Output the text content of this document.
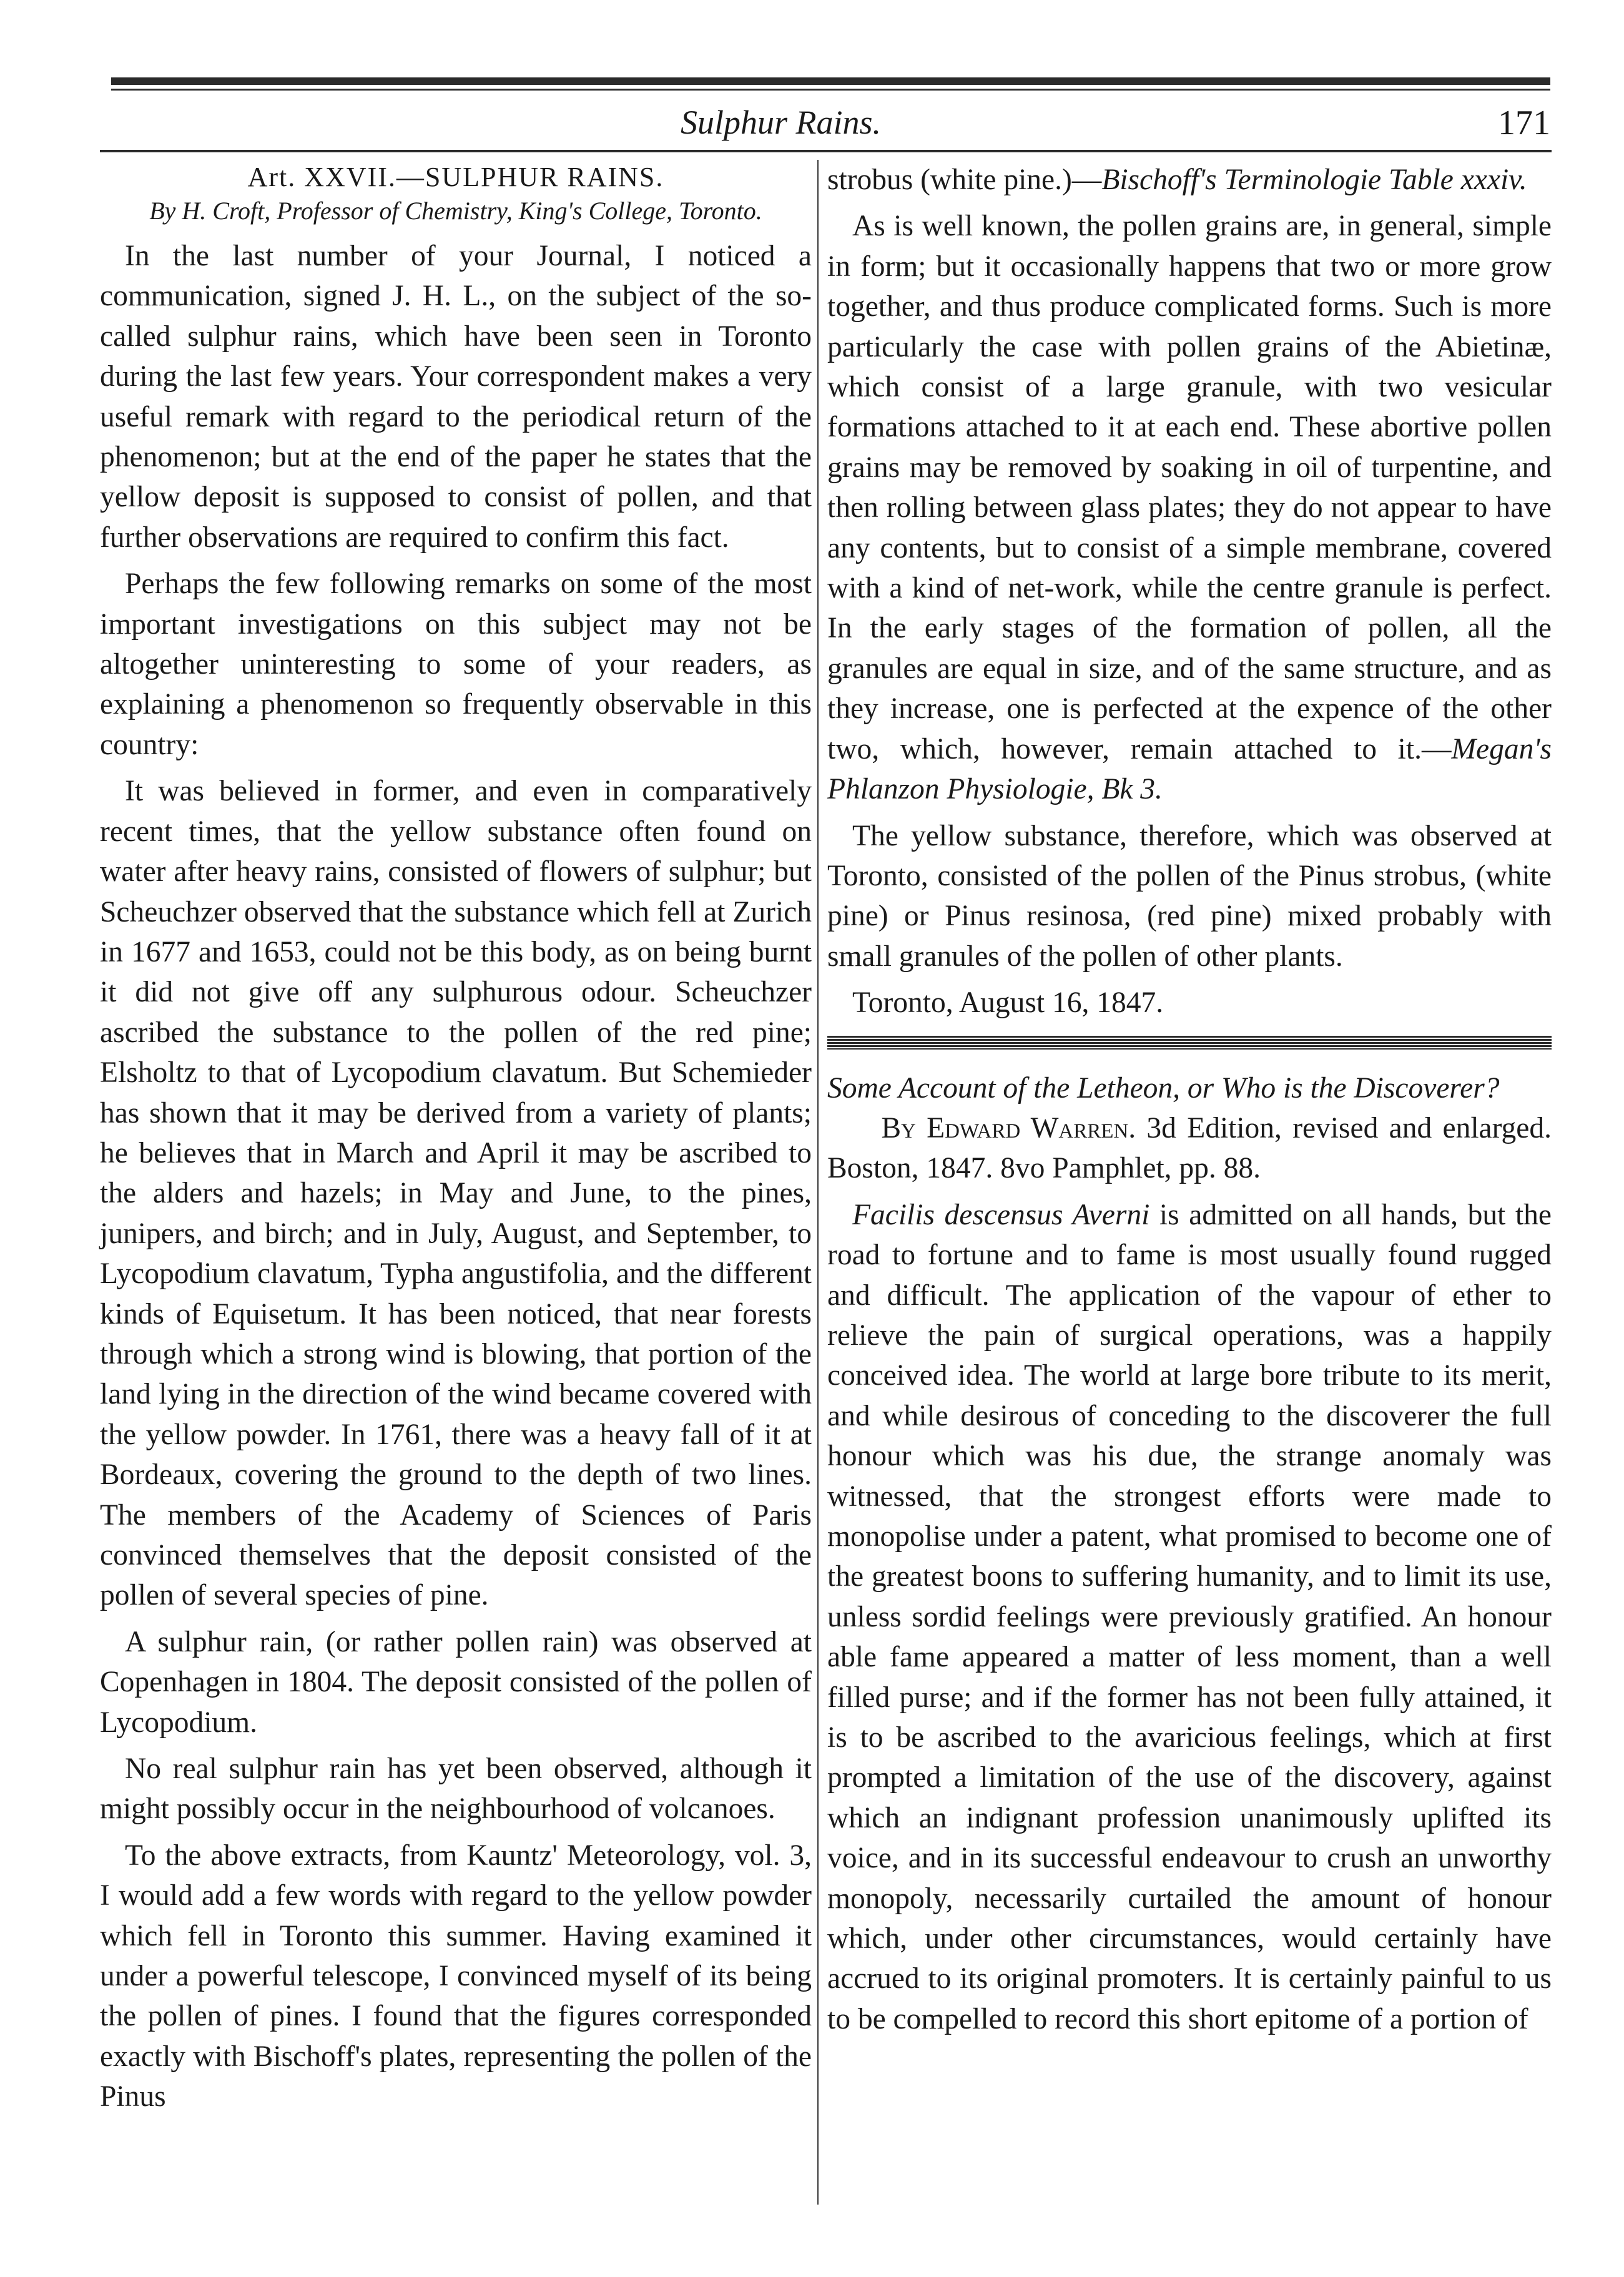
Sulphur Rains.	171
Art. XXVII.—SULPHUR RAINS.
By H. Croft, Professor of Chemistry, King's College, Toronto.

In the last number of your Journal, I noticed a communication, signed J. H. L., on the subject of the so-called sulphur rains, which have been seen in Toronto during the last few years. Your correspondent makes a very useful remark with regard to the periodical return of the phenomenon; but at the end of the paper he states that the yellow deposit is supposed to consist of pollen, and that further observations are required to confirm this fact.

Perhaps the few following remarks on some of the most important investigations on this subject may not be altogether uninteresting to some of your readers, as explaining a phenomenon so frequently observable in this country:

It was believed in former, and even in comparatively recent times, that the yellow substance often found on water after heavy rains, consisted of flowers of sulphur; but Scheuchzer observed that the substance which fell at Zurich in 1677 and 1653, could not be this body, as on being burnt it did not give off any sulphurous odour. Scheuchzer ascribed the substance to the pollen of the red pine; Elsholtz to that of Lycopodium clavatum. But Schemieder has shown that it may be derived from a variety of plants; he believes that in March and April it may be ascribed to the alders and hazels; in May and June, to the pines, junipers, and birch; and in July, August, and September, to Lycopodium clavatum, Typha angustifolia, and the different kinds of Equisetum. It has been noticed, that near forests through which a strong wind is blowing, that portion of the land lying in the direction of the wind became covered with the yellow powder. In 1761, there was a heavy fall of it at Bordeaux, covering the ground to the depth of two lines. The members of the Academy of Sciences of Paris convinced themselves that the deposit consisted of the pollen of several species of pine.

A sulphur rain, (or rather pollen rain) was observed at Copenhagen in 1804. The deposit consisted of the pollen of Lycopodium.

No real sulphur rain has yet been observed, although it might possibly occur in the neighbourhood of volcanoes.

To the above extracts, from Kauntz' Meteorology, vol. 3, I would add a few words with regard to the yellow powder which fell in Toronto this summer. Having examined it under a powerful telescope, I convinced myself of its being the pollen of pines. I found that the figures corresponded exactly with Bischoff's plates, representing the pollen of the Pinus

strobus (white pine.)—Bischoff's Terminologie Table xxxiv.

As is well known, the pollen grains are, in general, simple in form; but it occasionally happens that two or more grow together, and thus produce complicated forms. Such is more particularly the case with pollen grains of the Abietinæ, which consist of a large granule, with two vesicular formations attached to it at each end. These abortive pollen grains may be removed by soaking in oil of turpentine, and then rolling between glass plates; they do not appear to have any contents, but to consist of a simple membrane, covered with a kind of net-work, while the centre granule is perfect. In the early stages of the formation of pollen, all the granules are equal in size, and of the same structure, and as they increase, one is perfected at the expence of the other two, which, however, remain attached to it.—Megan's Phlanzon Physiologie, Bk 3.

The yellow substance, therefore, which was observed at Toronto, consisted of the pollen of the Pinus strobus, (white pine) or Pinus resinosa, (red pine) mixed probably with small granules of the pollen of other plants.

Toronto, August 16, 1847.

Some Account of the Letheon, or Who is the Discoverer?
By Edward Warren. 3d Edition, revised and enlarged. Boston, 1847. 8vo Pamphlet, pp. 88.

Facilis descensus Averni is admitted on all hands, but the road to fortune and to fame is most usually found rugged and difficult. The application of the vapour of ether to relieve the pain of surgical operations, was a happily conceived idea. The world at large bore tribute to its merit, and while desirous of conceding to the discoverer the full honour which was his due, the strange anomaly was witnessed, that the strongest efforts were made to monopolise under a patent, what promised to become one of the greatest boons to suffering humanity, and to limit its use, unless sordid feelings were previously gratified. An honour able fame appeared a matter of less moment, than a well filled purse; and if the former has not been fully attained, it is to be ascribed to the avaricious feelings, which at first prompted a limitation of the use of the discovery, against which an indignant profession unanimously uplifted its voice, and in its successful endeavour to crush an unworthy monopoly, necessarily curtailed the amount of honour which, under other circumstances, would certainly have accrued to its original promoters. It is certainly painful to us to be compelled to record this short epitome of a portion of
